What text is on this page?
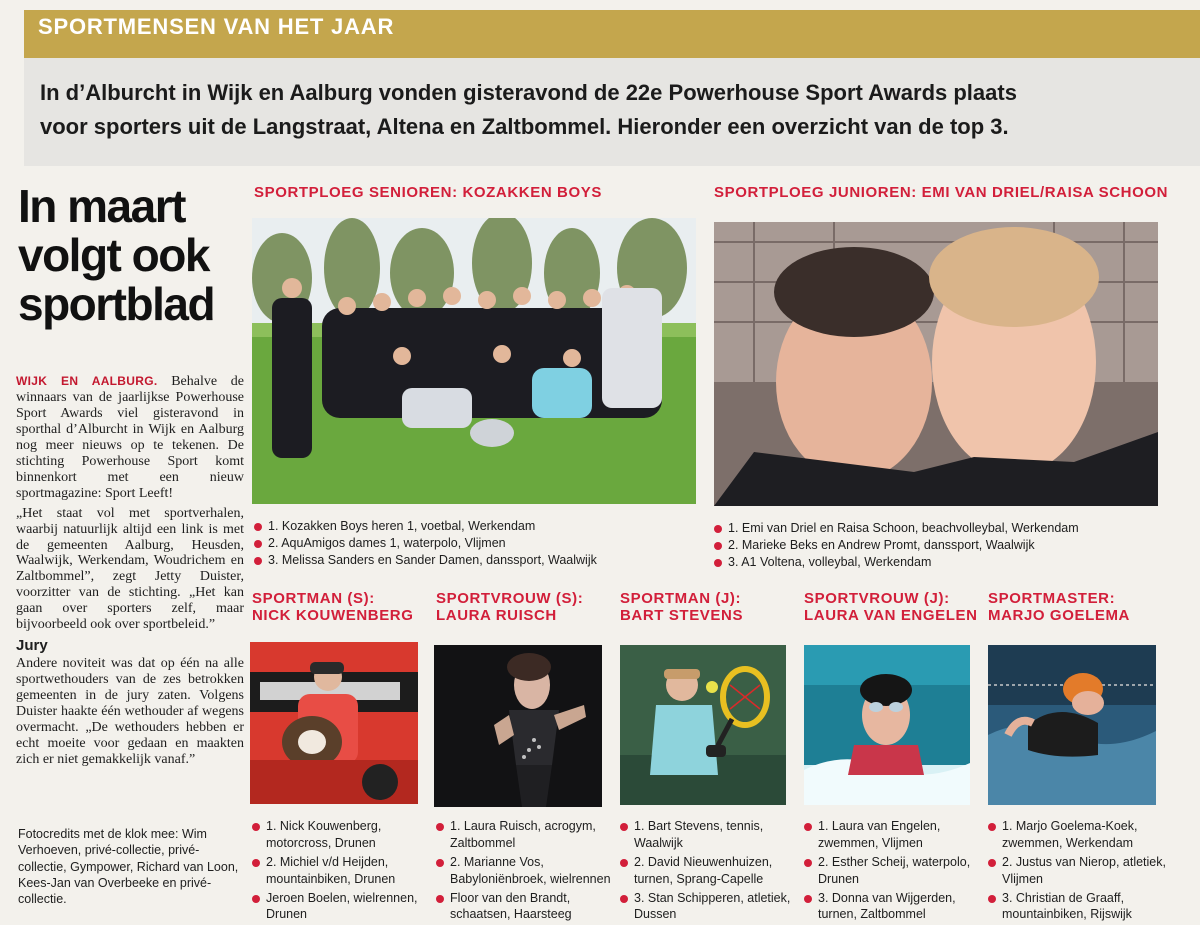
SPORTMENSEN VAN HET JAAR
In d’Alburcht in Wijk en Aalburg vonden gisteravond de 22e Powerhouse Sport Awards plaats
voor sporters uit de Langstraat, Altena en Zaltbommel. Hieronder een overzicht van de top 3.
In maart
volgt ook
sportblad

WIJK EN AALBURG. Behalve de winnaars van de jaarlijkse Powerhouse Sport Awards viel gisteravond in sporthal d’Alburcht in Wijk en Aalburg nog meer nieuws op te tekenen. De stichting Powerhouse Sport komt binnenkort met een nieuw sportmagazine: Sport Leeft!

„Het staat vol met sportverhalen, waarbij natuurlijk altijd een link is met de gemeenten Aalburg, Heusden, Waalwijk, Werkendam, Woudrichem en Zaltbommel”, zegt Jetty Duister, voorzitter van de stichting. „Het kan gaan over sporters zelf, maar bijvoorbeeld ook over sportbeleid.”

Jury

Andere noviteit was dat op één na alle sportwethouders van de zes betrokken gemeenten in de jury zaten. Volgens Duister haakte één wethouder af wegens overmacht. „De wethouders hebben er echt moeite voor gedaan en maakten zich er niet gemakkelijk vanaf.”

Fotocredits met de klok mee: Wim Verhoeven, privé-collectie, privé-collectie, Gympower, Richard van Loon, Kees-Jan van Overbeeke en privé-collectie.
SPORTPLOEG SENIOREN: KOZAKKEN BOYS
1. Kozakken Boys heren 1, voetbal, Werkendam
2. AquAmigos dames 1, waterpolo, Vlijmen
3. Melissa Sanders en Sander Damen, danssport, Waalwijk
SPORTPLOEG JUNIOREN: EMI VAN DRIEL/RAISA SCHOON
1. Emi van Driel en Raisa Schoon, beachvolleybal, Werkendam
2. Marieke Beks en Andrew Promt, danssport, Waalwijk
3. A1 Voltena, volleybal, Werkendam
SPORTMAN (S):
NICK KOUWENBERG
1. Nick Kouwenberg, motorcross, Drunen
2. Michiel v/d Heijden, mountainbiken, Drunen
Jeroen Boelen, wielrennen, Drunen
SPORTVROUW (S):
LAURA RUISCH
1. Laura Ruisch, acrogym, Zaltbommel
2. Marianne Vos, Babyloniënbroek, wielrennen
Floor van den Brandt, schaatsen, Haarsteeg
SPORTMAN (J):
BART STEVENS
1. Bart Stevens, tennis, Waalwijk
2. David Nieuwenhuizen, turnen, Sprang-Capelle
3. Stan Schipperen, atletiek, Dussen
SPORTVROUW (J):
LAURA VAN ENGELEN
1. Laura van Engelen, zwemmen, Vlijmen
2. Esther Scheij, waterpolo, Drunen
3. Donna van Wijgerden, turnen, Zaltbommel
SPORTMASTER:
MARJO GOELEMA
1. Marjo Goelema-Koek, zwemmen, Werkendam
2. Justus van Nierop, atletiek, Vlijmen
3. Christian de Graaff, mountainbiken, Rijswijk
